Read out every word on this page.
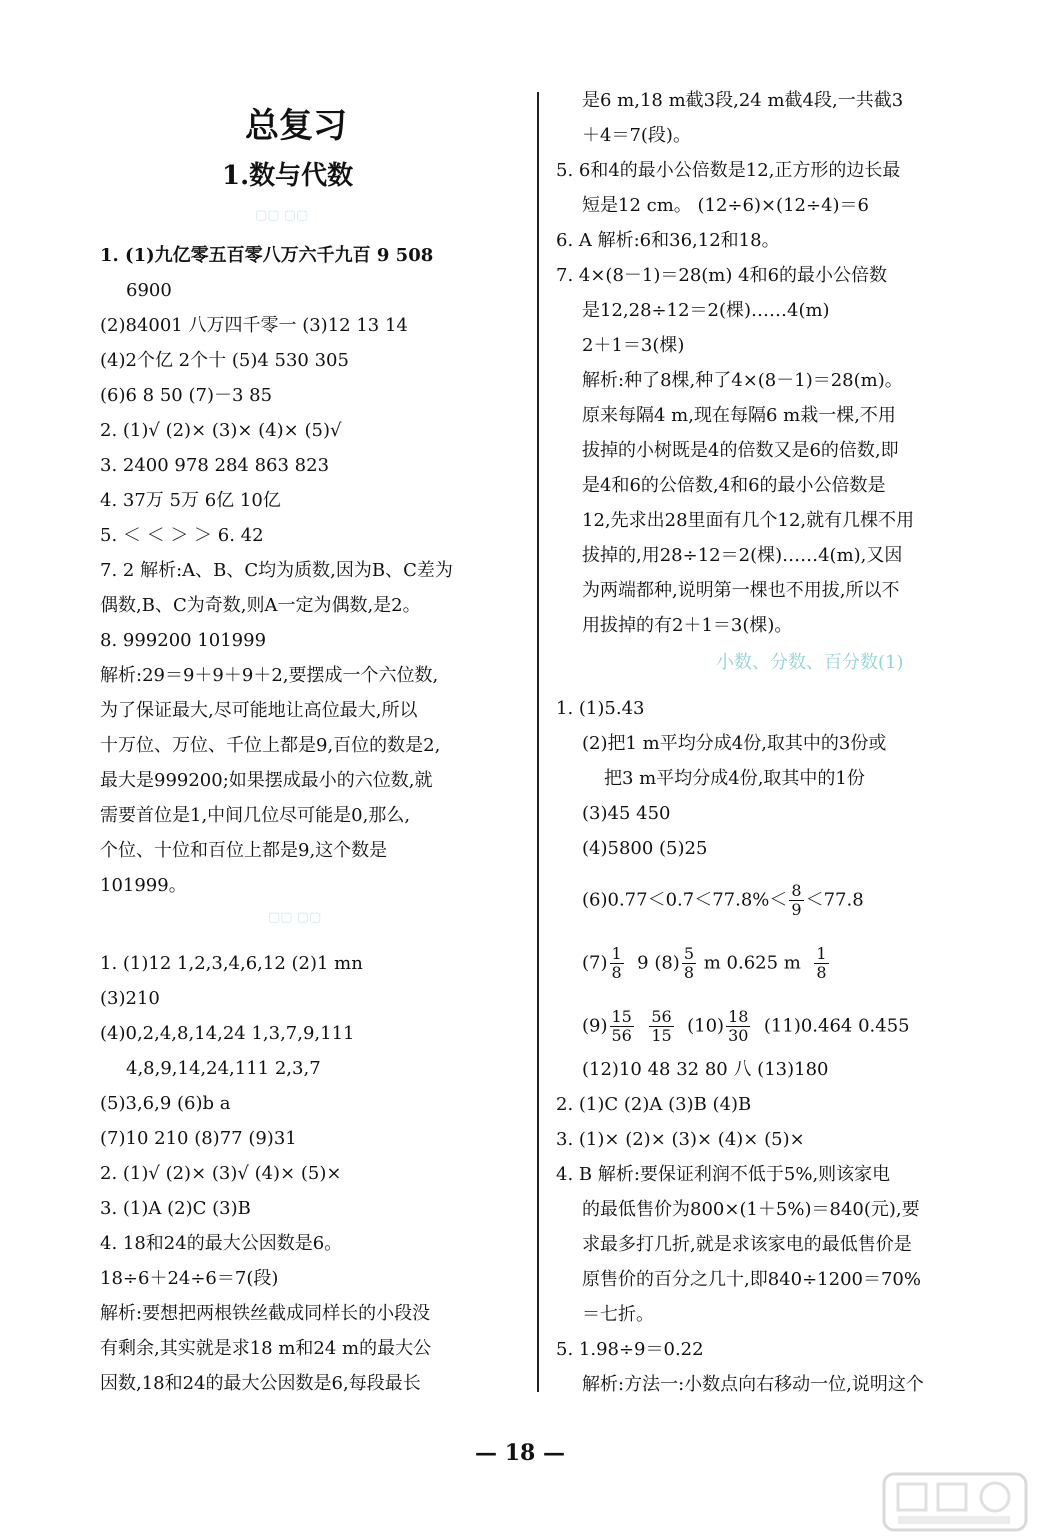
总复习
1.数与代数
▢▢ ▢▢
▢▢ ▢▢
1. (1)九亿零五百零八万六千九百 9 508
6900
(2)84001 八万四千零一 (3)12 13 14
(4)2个亿 2个十 (5)4 530 305
(6)6 8 50 (7)－3 85
2. (1)√ (2)× (3)× (4)× (5)√
3. 2400 978 284 863 823
4. 37万 5万 6亿 10亿
5. ＜ ＜ ＞ ＞ 6. 42
7. 2 解析:A、B、C均为质数,因为B、C差为
偶数,B、C为奇数,则A一定为偶数,是2。
8. 999200 101999
解析:29＝9＋9＋9＋2,要摆成一个六位数,
为了保证最大,尽可能地让高位最大,所以
十万位、万位、千位上都是9,百位的数是2,
最大是999200;如果摆成最小的六位数,就
需要首位是1,中间几位尽可能是0,那么,
个位、十位和百位上都是9,这个数是
101999。
1. (1)12 1,2,3,4,6,12 (2)1 mn
(3)210
(4)0,2,4,8,14,24 1,3,7,9,111
4,8,9,14,24,111 2,3,7
(5)3,6,9 (6)b a
(7)10 210 (8)77 (9)31
2. (1)√ (2)× (3)√ (4)× (5)×
3. (1)A (2)C (3)B
4. 18和24的最大公因数是6。
18÷6＋24÷6＝7(段)
解析:要想把两根铁丝截成同样长的小段没
有剩余,其实就是求18 m和24 m的最大公
因数,18和24的最大公因数是6,每段最长
是6 m,18 m截3段,24 m截4段,一共截3
＋4＝7(段)。
5. 6和4的最小公倍数是12,正方形的边长最
短是12 cm。 (12÷6)×(12÷4)＝6
6. A 解析:6和36,12和18。
7. 4×(8－1)＝28(m) 4和6的最小公倍数
是12,28÷12＝2(棵)……4(m)
2＋1＝3(棵)
解析:种了8棵,种了4×(8－1)＝28(m)。
原来每隔4 m,现在每隔6 m栽一棵,不用
拔掉的小树既是4的倍数又是6的倍数,即
是4和6的公倍数,4和6的最小公倍数是
12,先求出28里面有几个12,就有几棵不用
拔掉的,用28÷12＝2(棵)……4(m),又因
为两端都种,说明第一棵也不用拔,所以不
用拔掉的有2＋1＝3(棵)。
小数、分数、百分数(1)
1. (1)5.43
(2)把1 m平均分成4份,取其中的3份或
把3 m平均分成4份,取其中的1份
(3)45 450
(4)5800 (5)25
(6)0.77＜0.7̇＜77.8%＜ $\frac{8}{9} <77.8$
$(7) \frac{1}{8} 9$ $(8) \frac{5}{8}$ m 0.625 m $\frac{1}{8}$
$(9) \frac{15}{56}$
$\frac{56}{15} (10) \frac{18}{30} (11)0.464$ 0.455
(12)10 48 32 80 八 (13)180
2. (1)C (2)A (3)B (4)B
3. (1)× (2)× (3)× (4)× (5)×
4. B 解析:要保证利润不低于5%,则该家电
的最低售价为800×(1＋5%)＝840(元),要
求最多打几折,就是求该家电的最低售价是
原售价的百分之几十,即840÷1200＝70%
＝七折。
5. 1.98÷9＝0.22
解析:方法一:小数点向右移动一位,说明这个
— 18 —
